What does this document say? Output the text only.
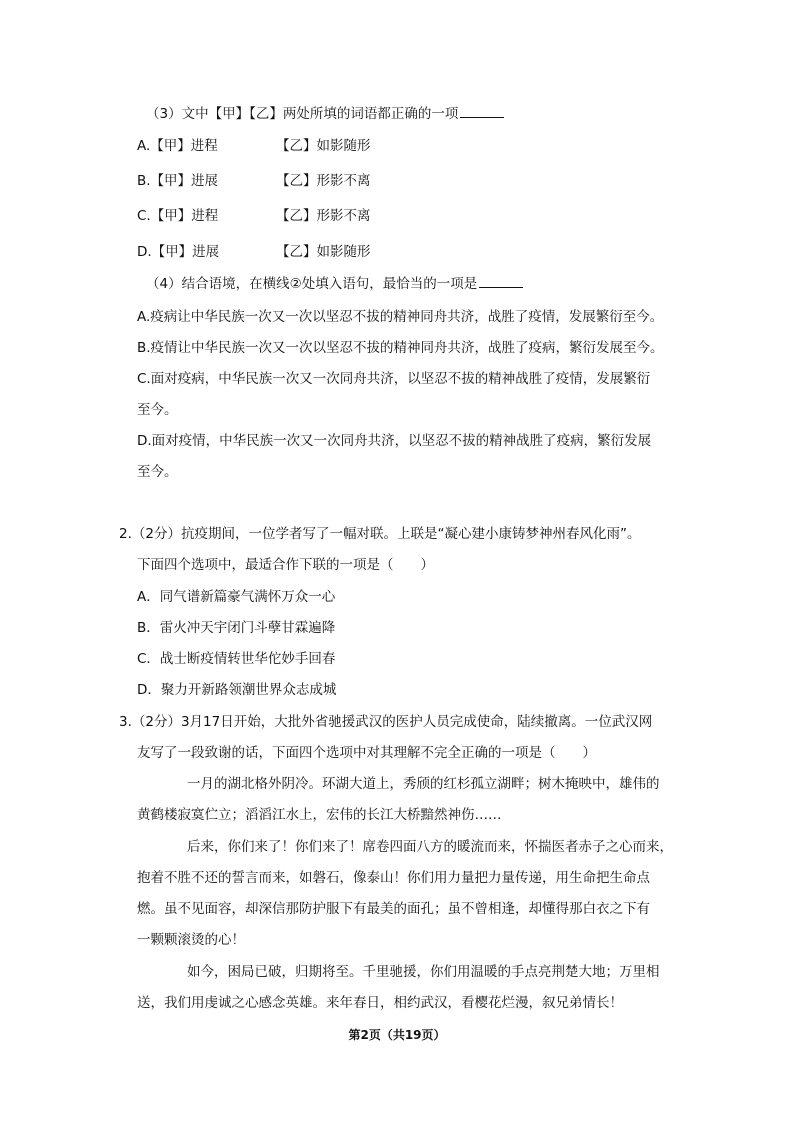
（3）文中【甲】【乙】两处所填的词语都正确的一项
A.【甲】进程	【乙】如影随形
B.【甲】进展	【乙】形影不离
C.【甲】进程	【乙】形影不离
D.【甲】进展	【乙】如影随形
（4）结合语境，在横线②处填入语句，最恰当的一项是
A.疫病让中华民族一次又一次以坚忍不拔的精神同舟共济，战胜了疫情，发展繁衍至今。
B.疫情让中华民族一次又一次以坚忍不拔的精神同舟共济，战胜了疫病，繁衍发展至今。
C.面对疫病，中华民族一次又一次同舟共济，以坚忍不拔的精神战胜了疫情，发展繁衍
至今。
D.面对疫情，中华民族一次又一次同舟共济，以坚忍不拔的精神战胜了疫病，繁衍发展
至今。
2.（2分）抗疫期间，一位学者写了一幅对联。上联是“凝心建小康铸梦神州春风化雨”。
下面四个选项中，最适合作下联的一项是（　　）
A．同气谱新篇豪气满怀万众一心
B．雷火冲天宇闭门斗孽甘霖遍降
C．战士断疫情转世华佗妙手回春
D．聚力开新路领潮世界众志成城
3.（2分）3月17日开始，大批外省驰援武汉的医护人员完成使命，陆续撤离。一位武汉网
友写了一段致谢的话，下面四个选项中对其理解不完全正确的一项是（　　）
一月的湖北格外阴冷。环湖大道上，秀颀的红杉孤立湖畔；树木掩映中，雄伟的
黄鹤楼寂寞伫立；滔滔江水上，宏伟的长江大桥黯然神伤……
后来，你们来了！你们来了！席卷四面八方的暖流而来，怀揣医者赤子之心而来，
抱着不胜不还的誓言而来，如磐石，像泰山！你们用力量把力量传递，用生命把生命点
燃。虽不见面容，却深信那防护服下有最美的面孔；虽不曾相逢，却懂得那白衣之下有
一颗颗滚烫的心！
如今，困局已破，归期将至。千里驰援，你们用温暖的手点亮荆楚大地；万里相
送，我们用虔诚之心感念英雄。来年春日，相约武汉，看樱花烂漫，叙兄弟情长！
第2页（共19页）
